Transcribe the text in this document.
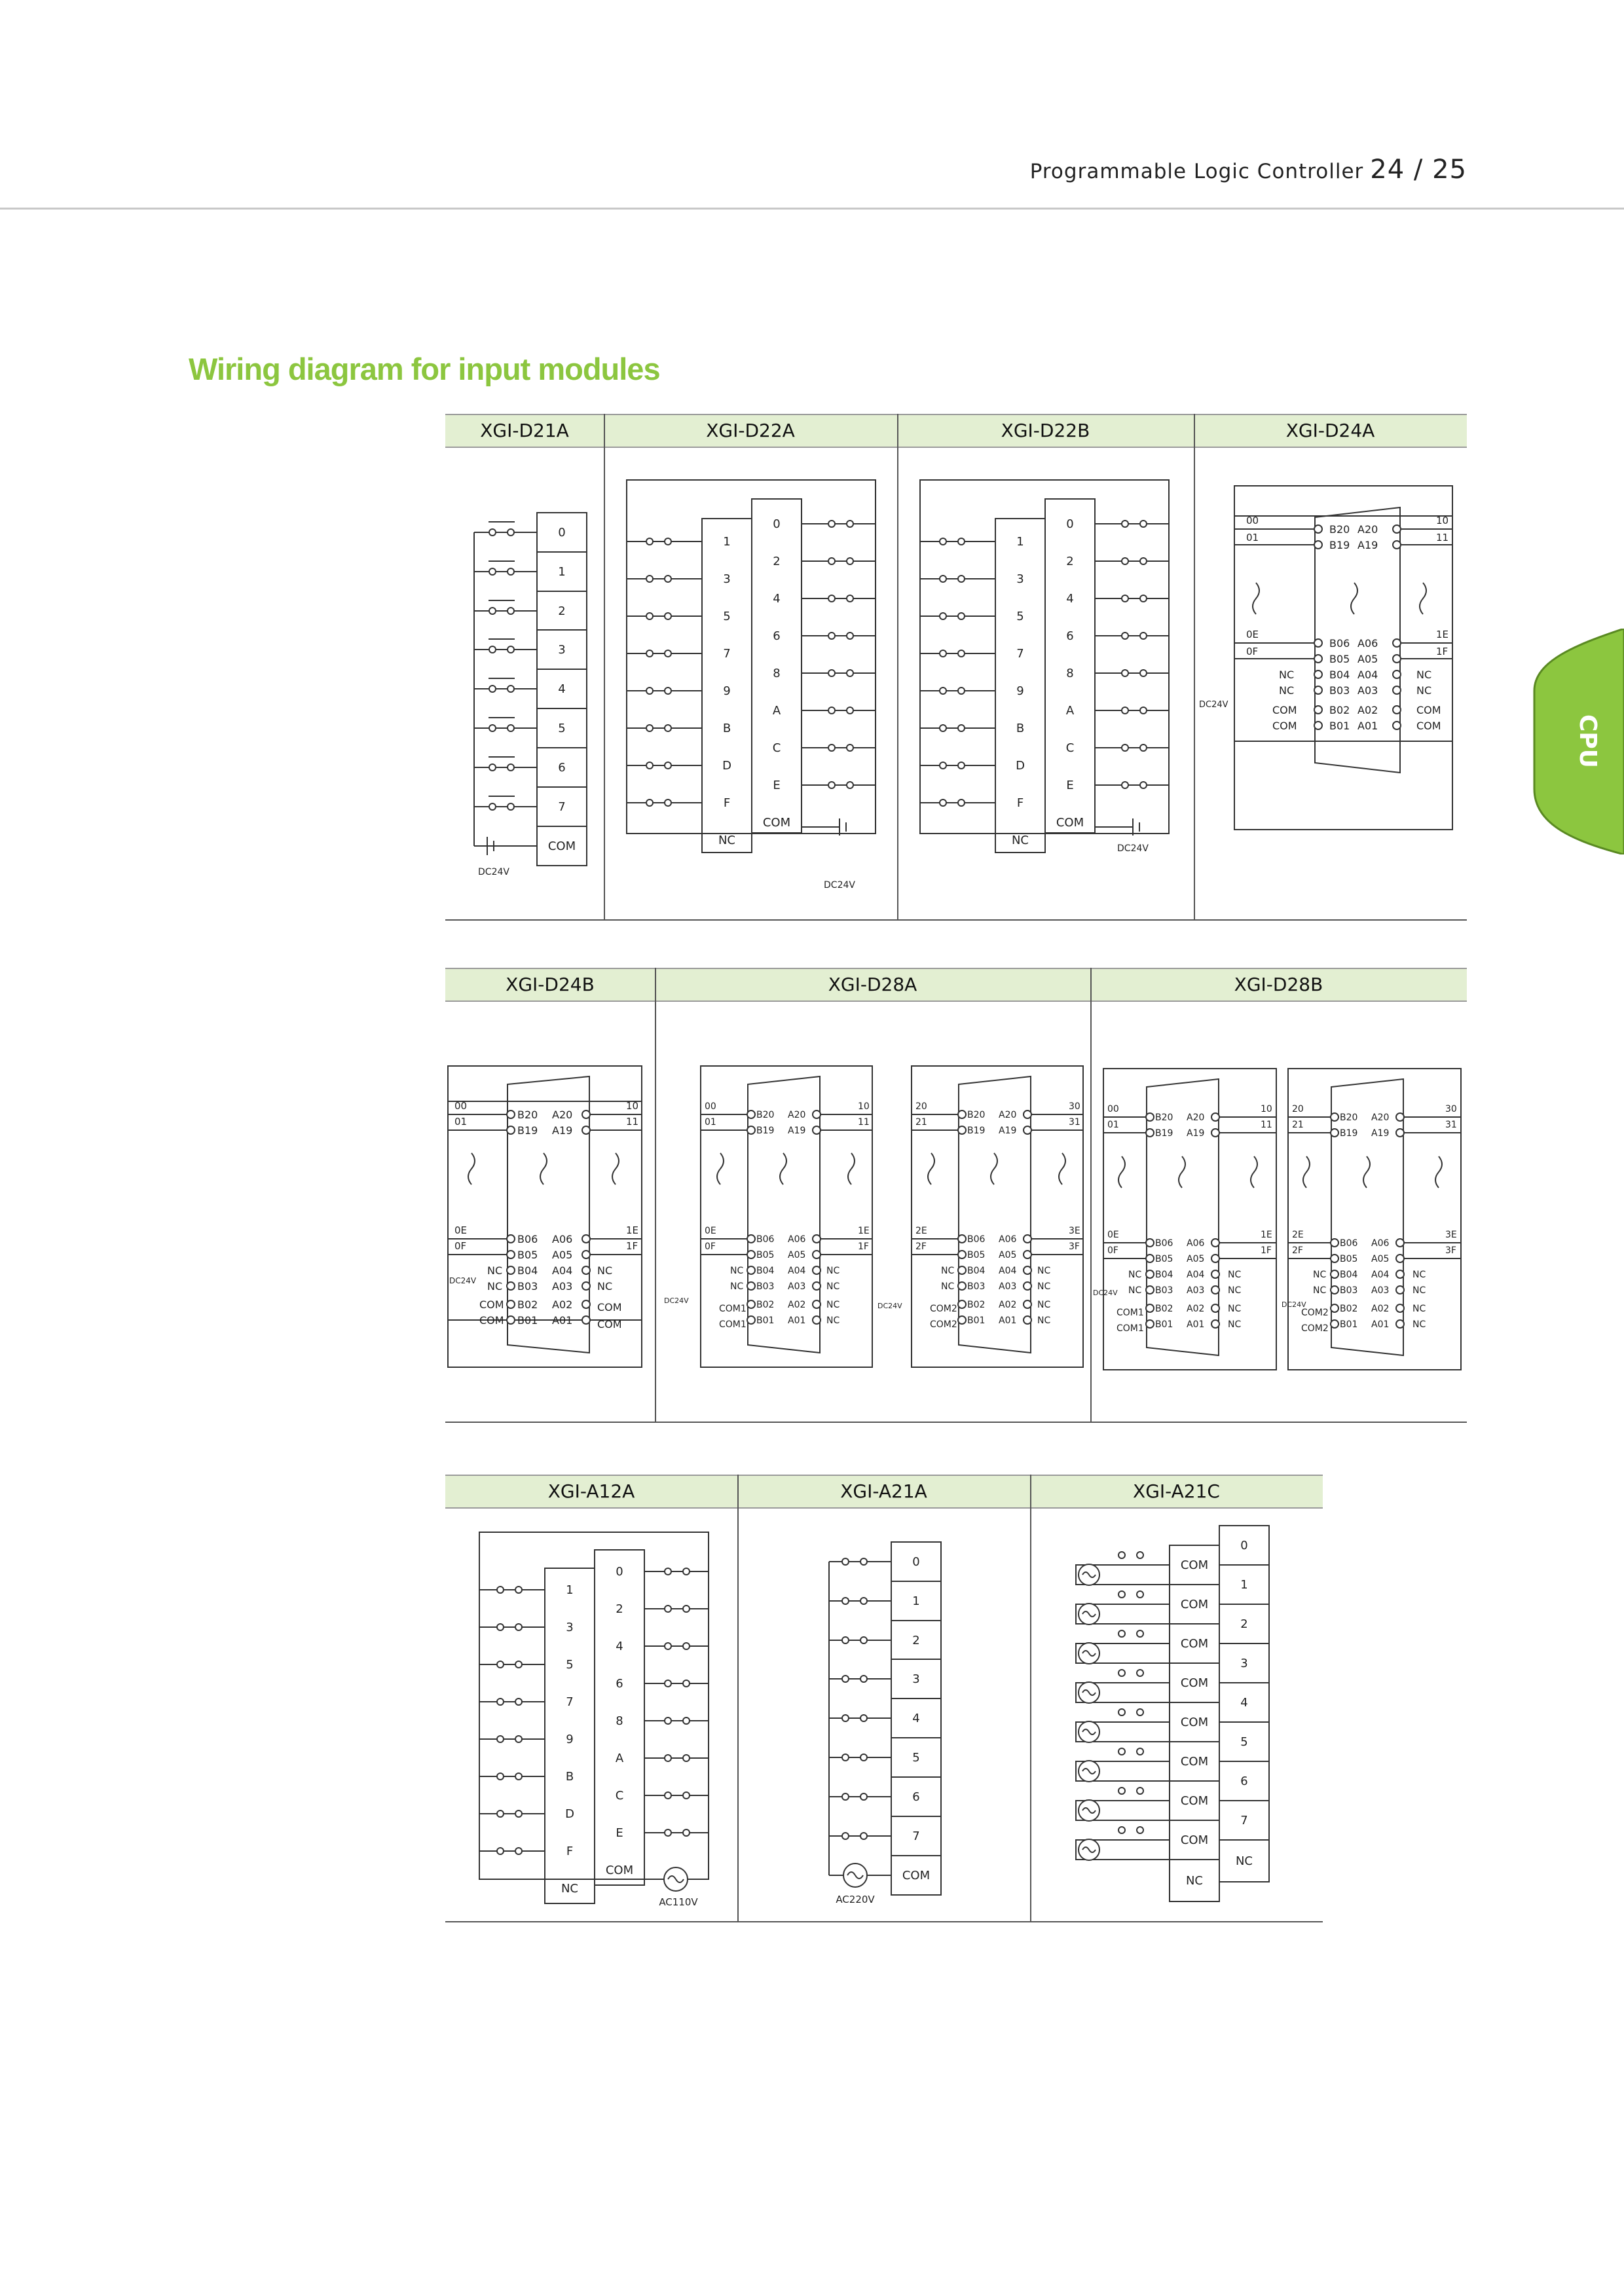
Programmable Logic Controller 24 / 25
Wiring diagram for input modules
CPU
XGI-D21A	XGI-D22A	XGI-D22B	XGI-D24A
0
1
2
3
4
5
6
7
COM
DC24V
1
3
5
7
9
B
D
F
NC
0
2
4
6
8
A
C
E
COM
DC24V
1
3
5
7
9
B
D
F
NC
0
2
4
6
8
A
C
E
COM
DC24V
B20
B19
B06
B05
B04
B03
B02
B01
A20
A19
A06
A05
A04
A03
A02
A01
NC
NC
COM
COM
NC
NC
COM
COM
00
01
0E
0F
10
11
1E
1F
DC24V
XGI-D24B	XGI-D28A	XGI-D28B
B20
B19
B06
B05
B04
B03
B02
B01
A20
A19
A06
A05
A04
A03
A02
A01
NC
NC
COM
COM
NC
NC
COM
COM
00
01
0E
0F
10
11
1E
1F
DC24V
B20
B19
B06
B05
B04
B03
B02
B01
A20
A19
A06
A05
A04
A03
A02
A01
B20
B19
B06
B05
B04
B03
B02
B01
A20
A19
A06
A05
A04
A03
A02
A01
NC
NC
COM1
COM1
NC
NC
COM2
COM2
NC
NC
NC
NC
NC
NC
NC
NC
00
01
0E
0F
10
11
1E
1F
20
21
2E
2F
30
31
3E
3F
DC24V
DC24V
B20
B19
B06
B05
B04
B03
B02
B01
A20
A19
A06
A05
A04
A03
A02
A01
B20
B19
B06
B05
B04
B03
B02
B01
A20
A19
A06
A05
A04
A03
A02
A01
NC
NC
COM1
COM1
NC
NC
COM2
COM2
NC
NC
NC
NC
NC
NC
NC
NC
00
01
0E
0F
10
11
1E
1F
20
21
2E
2F
30
31
3E
3F
DC24V
DC24V
XGI-A12A	XGI-A21A	XGI-A21C
1
3
5
7
9
B
D
F
NC
0
2
4
6
8
A
C
E
COM
AC110V
0
1
2
3
4
5
6
7
COM
AC220V
COM
COM
COM
COM
COM
COM
COM
COM
NC
0
1
2
3
4
5
6
7
NC
